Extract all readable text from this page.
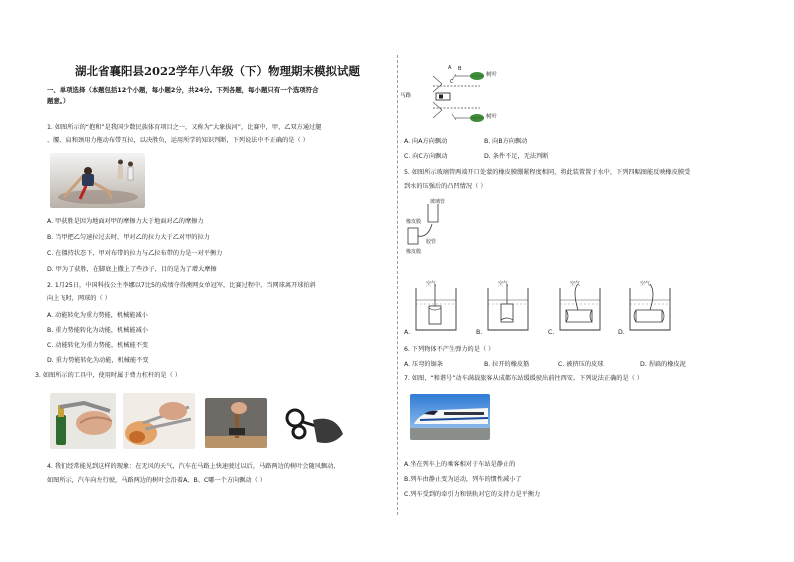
湖北省襄阳县2022学年八年级（下）物理期末模拟试题
一、单项选择（本题包括12个小题，每小题2分，共24分。下列各题，每小题只有一个选项符合
题意。）
1. 如图所示的“抱和”是我国少数民族体育项目之一，又称为“大象拔河”，比赛中，甲、乙双方通过腿
、腰、肩和颈用力拖动布带互拉，以决胜负，运用所学的知识判断，下列说法中不正确的是（ ）
A. 甲获胜是因为地面对甲的摩擦力大于地面对乙的摩擦力
B. 当甲把乙匀速拉过去时，甲对乙的拉力大于乙对甲的拉力
C. 在僵持状态下，甲对布带的拉力与乙拉布带的力是一对平衡力
D. 甲为了获胜，在脚底上撒上了些沙子，目的是为了增大摩擦
2. 1月25日，中国科技公主李娜以7比5的成绩夺得澳网女单冠军，比赛过程中，当网球离开球拍斜
向上飞时，网球的（ ）
A. 动能转化为重力势能，机械能减小
B. 重力势能转化为动能，机械能减小
C. 动能转化为重力势能，机械能不变
D. 重力势能转化为动能，机械能不变
3. 如图所示的工具中，使用时属于费力杠杆的是（ ）
4. 我们经常能见到这样的现象：在无风的天气，汽车在马路上快速驶过以后，马路两边的树叶会随风飘动，
如图所示，汽车向左行驶，马路两边的树叶会沿着A、B、C哪一个方向飘动（ ）
马路
树叶
树叶
A B
C
A. 向A方向飘动	B. 向B方向飘动
C. 向C方向飘动	D. 条件不足，无法判断
5. 如图所示玻璃管两端开口处蒙的橡皮膜绷紧程度相同，将此装置置于水中，下列四幅图能反映橡皮膜受
到水的压强后的凸凹情况（ ）
玻璃管
橡皮膜
胶管
橡皮膜
空气	空气	空气	空气
A.	B.	C.	D.
6. 下列物体不产生弹力的是（ ）
A. 压弯的锯条	B. 拉开的橡皮筋	C. 被挤压的皮球	D. 捏扁的橡皮泥
7. 如图，“和谐号”动车满载旅客从成都东站缓缓驶出前往西安。下列说法正确的是（ ）
A.坐在列车上的乘客相对于车站是静止的
B.列车由静止变为运动，列车的惯性减小了
C.列车受到的牵引力和铁轨对它的支持力是平衡力
